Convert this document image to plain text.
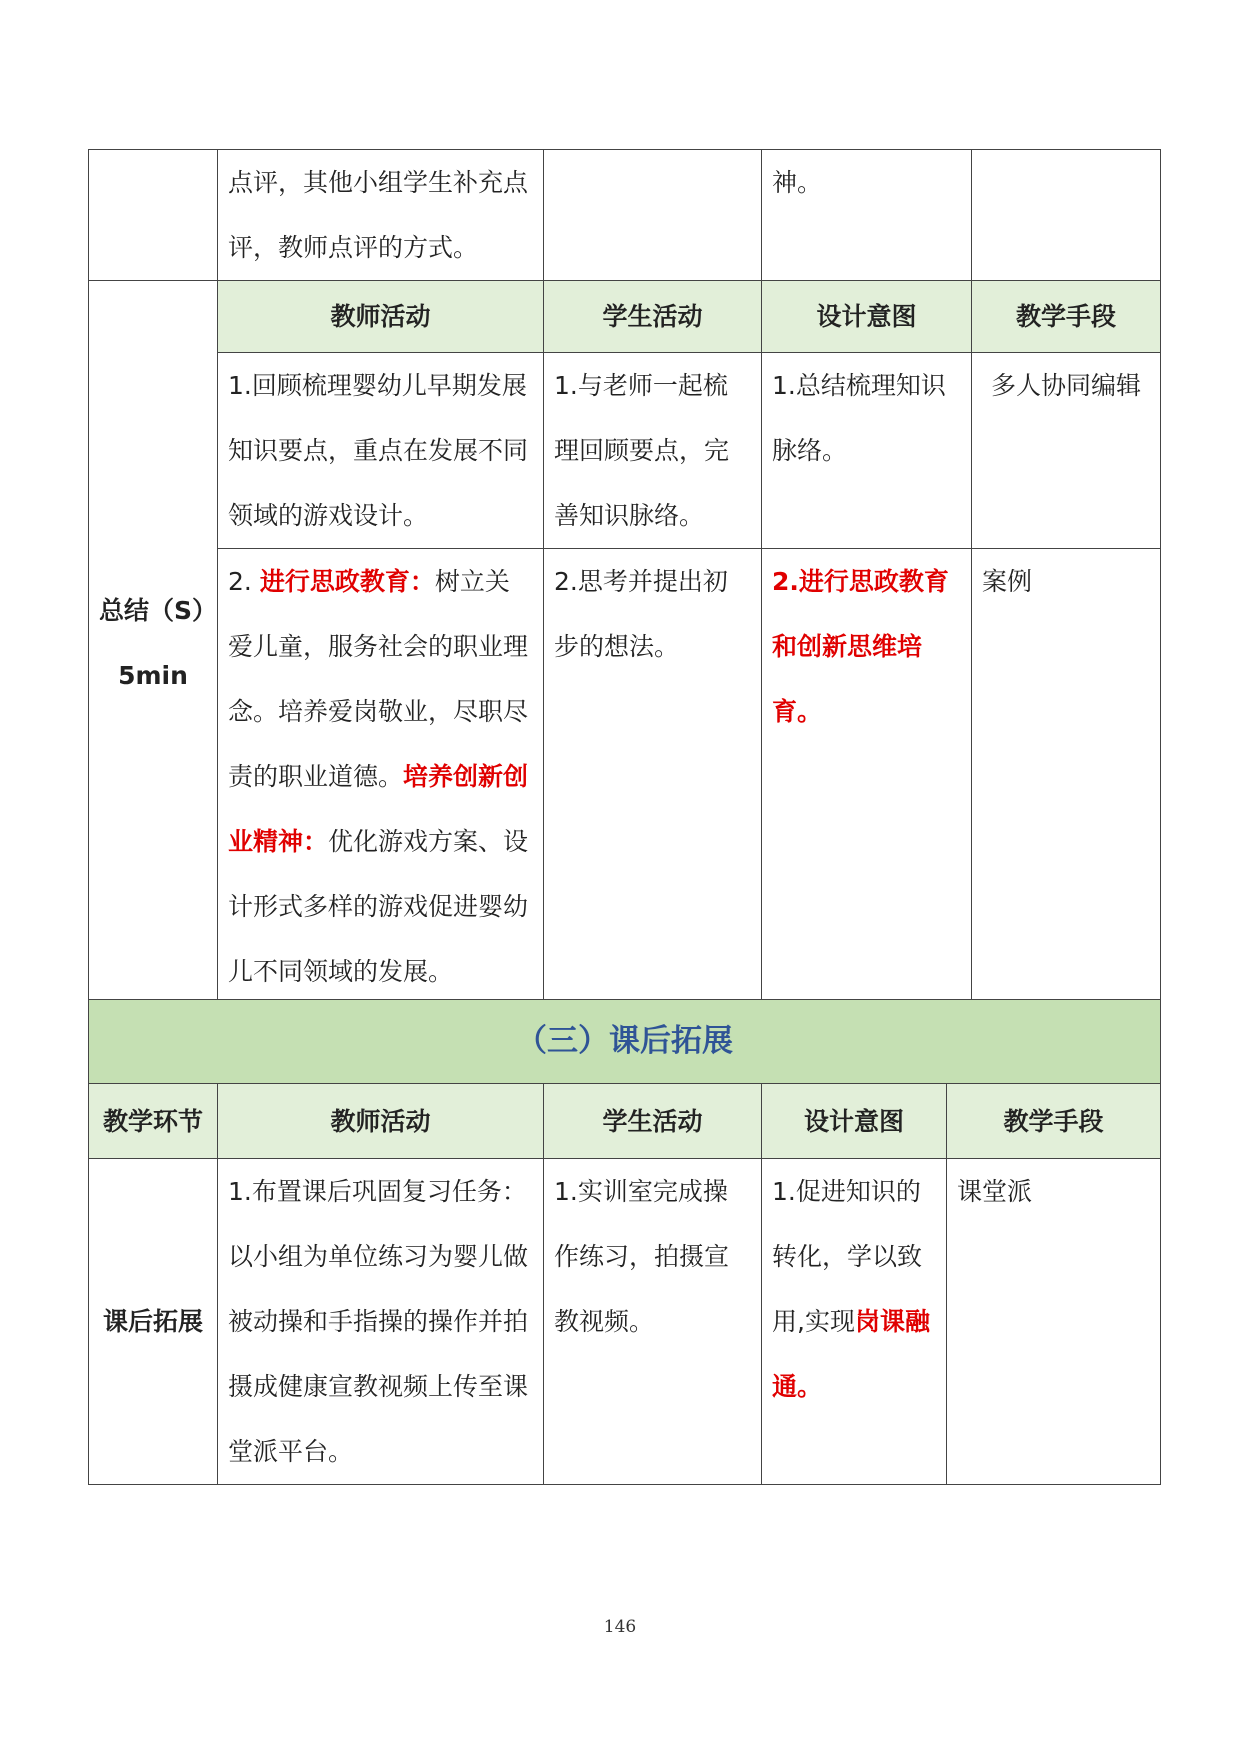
	点评，其他小组学生补充点评，教师点评的方式。		神。	

总结（S）
5min	教师活动	学生活动	设计意图	教学手段
	1.回顾梳理婴幼儿早期发展知识要点，重点在发展不同领域的游戏设计。	1.与老师一起梳理回顾要点，完善知识脉络。	1.总结梳理知识脉络。	多人协同编辑
	2. 进行思政教育：树立关爱儿童，服务社会的职业理念。培养爱岗敬业，尽职尽责的职业道德。培养创新创业精神：优化游戏方案、设计形式多样的游戏促进婴幼儿不同领域的发展。	2.思考并提出初步的想法。	2.进行思政教育和创新思维培育。	案例
（三）课后拓展				
教学环节	教师活动	学生活动	设计意图	教学手段
课后拓展	1.布置课后巩固复习任务：以小组为单位练习为婴儿做被动操和手指操的操作并拍摄成健康宣教视频上传至课堂派平台。	1.实训室完成操作练习，拍摄宣教视频。	1.促进知识的转化，学以致用,实现岗课融通。	课堂派
146
